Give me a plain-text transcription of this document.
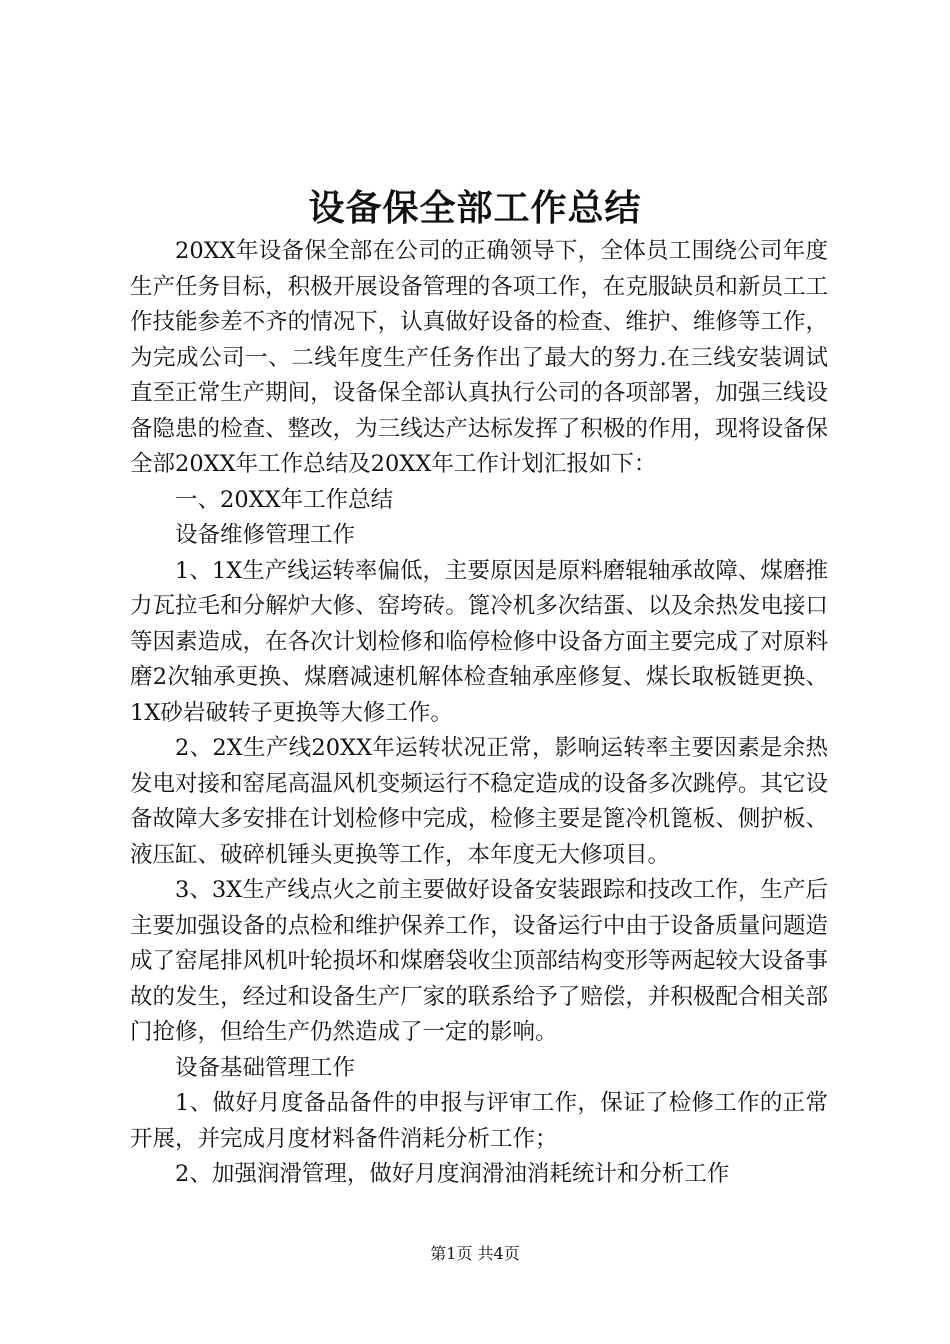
设备保全部工作总结

20XX年设备保全部在公司的正确领导下，全体员工围绕公司年度生产任务目标，积极开展设备管理的各项工作，在克服缺员和新员工工作技能参差不齐的情况下，认真做好设备的检查、维护、维修等工作，为完成公司一、二线年度生产任务作出了最大的努力.在三线安装调试直至正常生产期间，设备保全部认真执行公司的各项部署，加强三线设备隐患的检查、整改，为三线达产达标发挥了积极的作用，现将设备保全部20XX年工作总结及20XX年工作计划汇报如下：

一、20XX年工作总结

设备维修管理工作

1、1X生产线运转率偏低，主要原因是原料磨辊轴承故障、煤磨推力瓦拉毛和分解炉大修、窑垮砖。篦冷机多次结蛋、以及余热发电接口等因素造成，在各次计划检修和临停检修中设备方面主要完成了对原料磨2次轴承更换、煤磨减速机解体检查轴承座修复、煤长取板链更换、1X砂岩破转子更换等大修工作。

2、2X生产线20XX年运转状况正常，影响运转率主要因素是余热发电对接和窑尾高温风机变频运行不稳定造成的设备多次跳停。其它设备故障大多安排在计划检修中完成，检修主要是篦冷机篦板、侧护板、液压缸、破碎机锤头更换等工作，本年度无大修项目。

3、3X生产线点火之前主要做好设备安装跟踪和技改工作，生产后主要加强设备的点检和维护保养工作，设备运行中由于设备质量问题造成了窑尾排风机叶轮损坏和煤磨袋收尘顶部结构变形等两起较大设备事故的发生，经过和设备生产厂家的联系给予了赔偿，并积极配合相关部门抢修，但给生产仍然造成了一定的影响。

设备基础管理工作

1、做好月度备品备件的申报与评审工作，保证了检修工作的正常开展，并完成月度材料备件消耗分析工作；

2、加强润滑管理，做好月度润滑油消耗统计和分析工作

第1页 共4页
